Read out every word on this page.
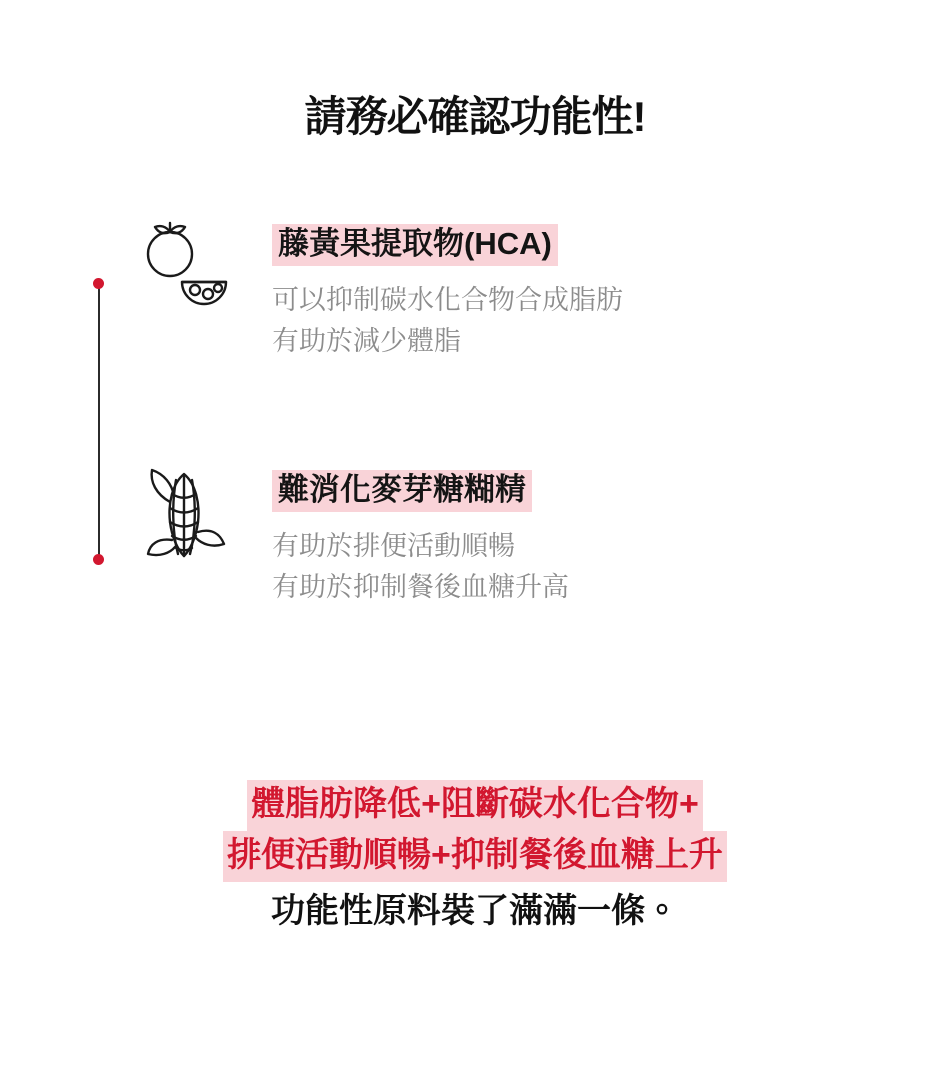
請務必確認功能性!
藤黃果提取物(HCA)
可以抑制碳水化合物合成脂肪
有助於減少體脂
難消化麥芽糖糊精
有助於排便活動順暢
有助於抑制餐後血糖升高
體脂肪降低+阻斷碳水化合物+
排便活動順暢+抑制餐後血糖上升
功能性原料裝了滿滿一條。
